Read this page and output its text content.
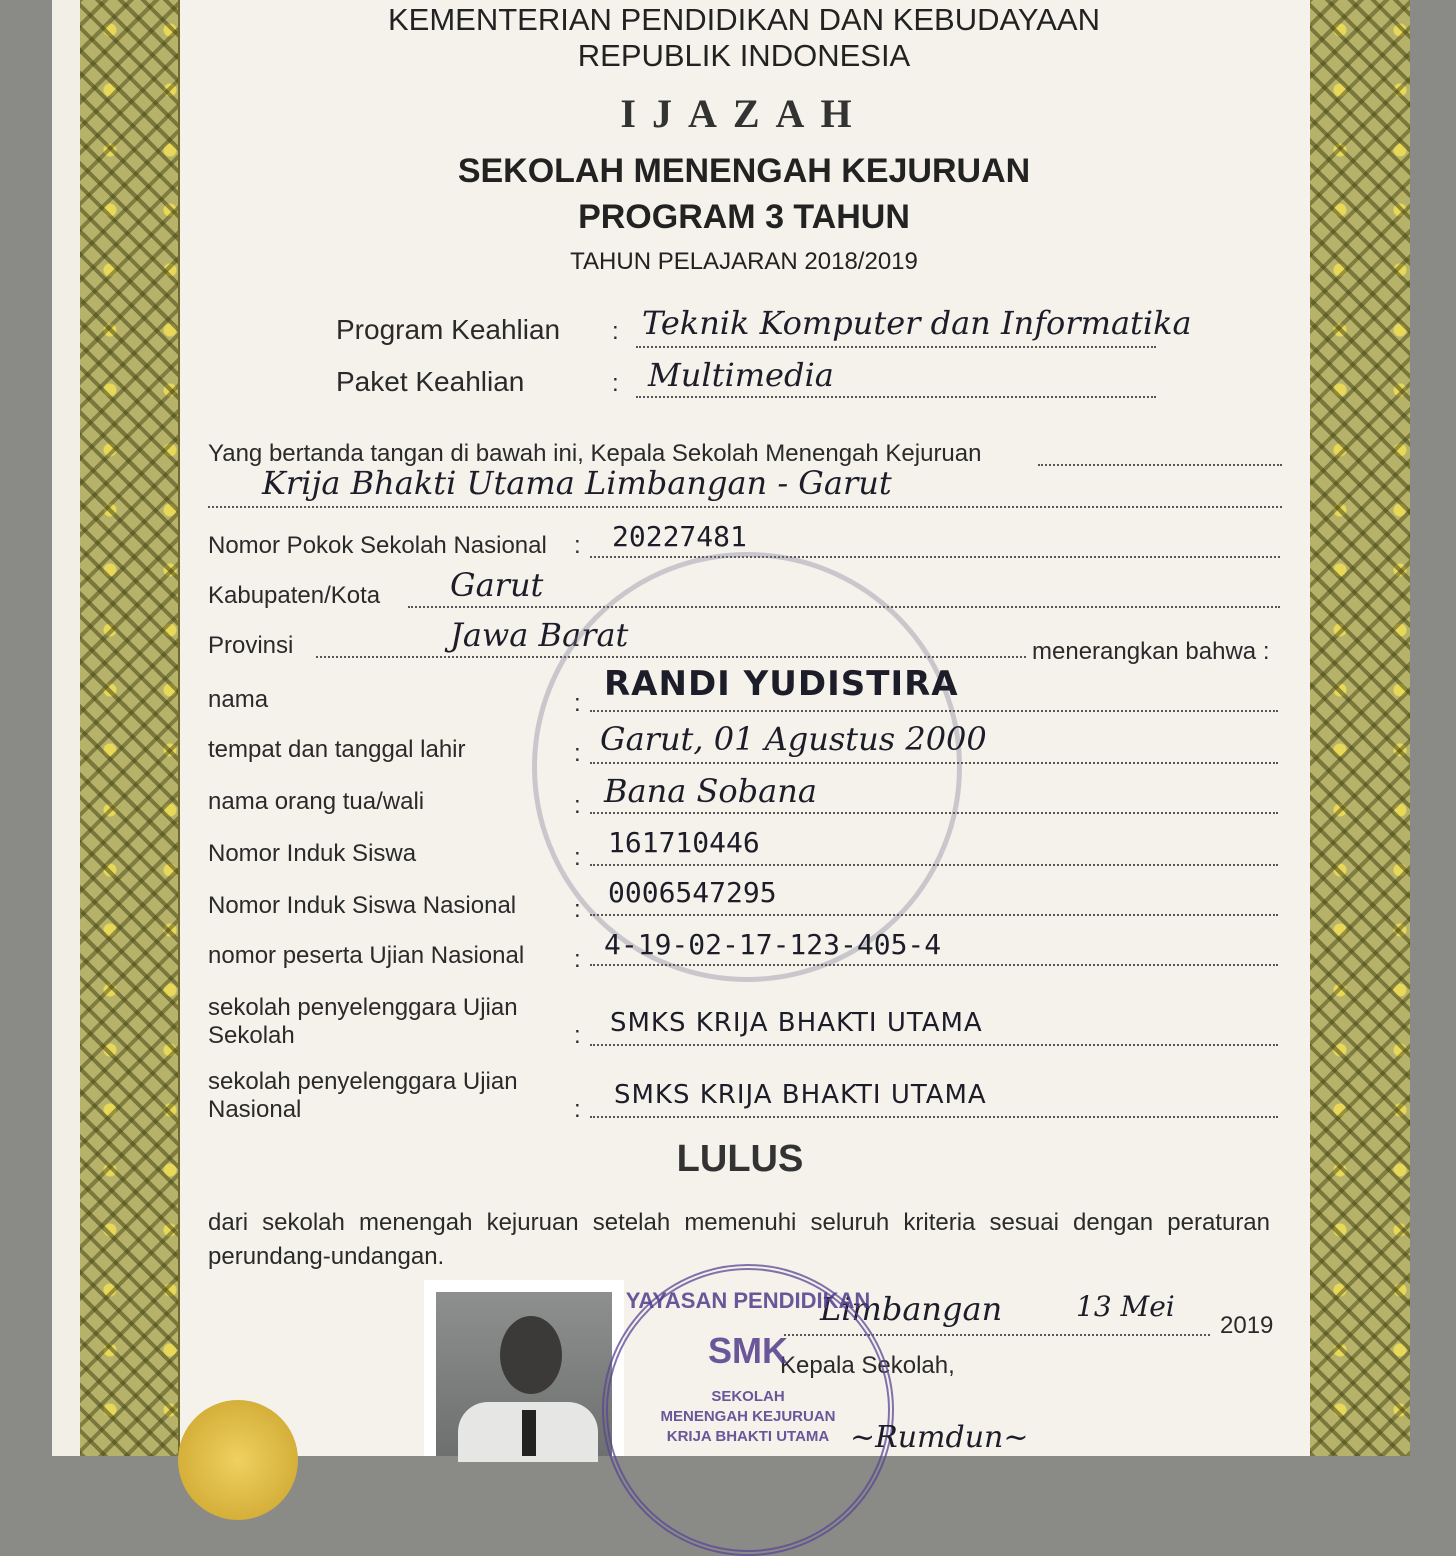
KEMENTERIAN PENDIDIKAN DAN KEBUDAYAAN
REPUBLIK INDONESIA
IJAZAH
SEKOLAH MENENGAH KEJURUAN
PROGRAM 3 TAHUN
TAHUN PELAJARAN 2018/2019
Program Keahlian : Teknik Komputer dan Informatika
Paket Keahlian	: Multimedia
Yang bertanda tangan di bawah ini, Kepala Sekolah Menengah Kejuruan
Krija Bhakti Utama Limbangan - Garut
Nomor Pokok Sekolah Nasional : 20227481
Kabupaten/Kota Garut
Provinsi	Jawa Barat	menerangkan bahwa :
nama	: RANDI YUDISTIRA
tempat dan tanggal lahir	: Garut, 01 Agustus 2000
nama orang tua/wali	: Bana Sobana
Nomor Induk Siswa	: 161710446
Nomor Induk Siswa Nasional :
0006547295
nomor peserta Ujian Nasional : 4-19-02-17-123-405-4
sekolah penyelenggara Ujian
Sekolah	: SMKS KRIJA BHAKTI UTAMA
sekolah penyelenggara Ujian
Nasional	: SMKS KRIJA BHAKTI UTAMA
LULUS
dari sekolah menengah kejuruan setelah memenuhi seluruh kriteria sesuai dengan peraturan perundang-undangan.
Limbangan	13 Mei
2019
Kepala Sekolah,
YAYASAN PENDIDIKAN
SMK
SEKOLAH
MENENGAH KEJURUAN
KRIJA BHAKTI UTAMA ~Rumdun~
